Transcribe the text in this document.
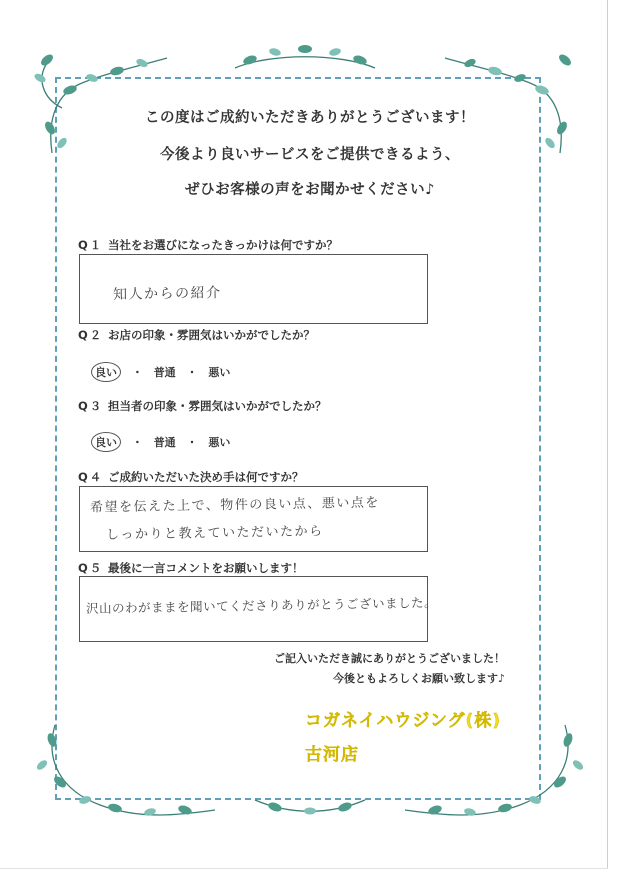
この度はご成約いただきありがとうございます！
今後より良いサービスをご提供できるよう、
ぜひお客様の声をお聞かせください♪
Q１ 当社をお選びになったきっかけは何ですか？
知人からの紹介
Q２ お店の印象・雰囲気はいかがでしたか？
良い ・ 普通 ・ 悪い
Q３ 担当者の印象・雰囲気はいかがでしたか？
良い ・ 普通 ・ 悪い
Q４ ご成約いただいた決め手は何ですか？
希望を伝えた上で、物件の良い点、悪い点を
しっかりと教えていただいたから
Q５ 最後に一言コメントをお願いします！
沢山のわがままを聞いてくださりありがとうございました。
ご記入いただき誠にありがとうございました！
今後ともよろしくお願い致します♪
コガネイハウジング(株)
古河店
